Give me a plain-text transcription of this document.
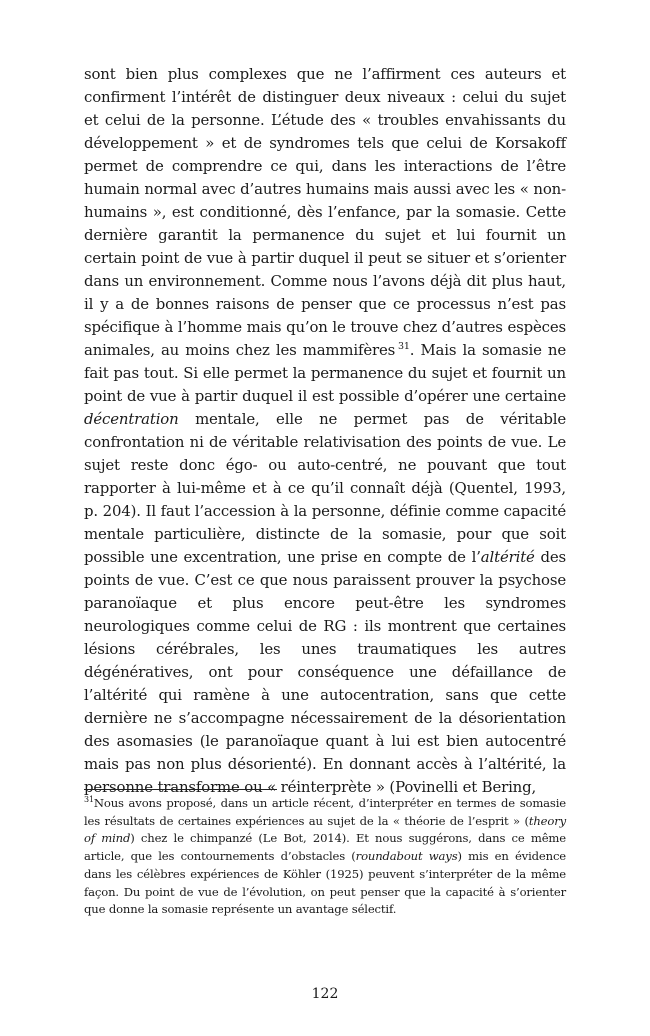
sont bien plus complexes que ne l’affirment ces auteurs et confirment l’intérêt de distinguer deux niveaux : celui du sujet et celui de la personne. L’étude des « troubles envahissants du développement » et de syndromes tels que celui de Korsakoff permet de comprendre ce qui, dans les interactions de l’être humain normal avec d’autres humains mais aussi avec les « non-humains », est conditionné, dès l’enfance, par la somasie. Cette dernière garantit la permanence du sujet et lui fournit un certain point de vue à partir duquel il peut se situer et s’orienter dans un environnement. Comme nous l’avons déjà dit plus haut, il y a de bonnes raisons de penser que ce processus n’est pas spécifique à l’homme mais qu’on le trouve chez d’autres espèces animales, au moins chez les mammifères  $^{31}$. Mais la somasie ne fait pas tout. Si elle permet la permanence du sujet et fournit un point de vue à partir duquel il est possible d’opérer une certaine décentration mentale, elle ne permet pas de véritable confrontation ni de véritable relativisation des points de vue. Le sujet reste donc égo- ou auto-centré, ne pouvant que tout rapporter à lui-même et à ce qu’il connaît déjà (Quentel, 1993, p. 204). Il faut l’accession à la personne, définie comme capacité mentale particulière, distincte de la somasie, pour que soit possible une excentration, une prise en compte de l’altérité des points de vue. C’est ce que nous paraissent prouver la psychose paranoïaque et plus encore peut-être les syndromes neurologiques comme celui de RG : ils montrent que certaines lésions cérébrales, les unes traumatiques les autres dégénératives, ont pour conséquence une défaillance de l’altérité qui ramène à une autocentration, sans que cette dernière ne s’accompagne nécessairement de la désorientation des asomasies (le paranoïaque quant à lui est bien autocentré mais pas non plus désorienté). En donnant accès à l’altérité, la personne transforme ou « réinterprète » (Povinelli et Bering,

$^{31}$Nous avons proposé, dans un article récent, d’interpréter en termes de somasie les résultats de certaines expériences au sujet de la « théorie de l’esprit » (theory of mind) chez le chimpanzé (Le Bot, 2014). Et nous suggérons, dans ce même article, que les contournements d’obstacles (roundabout ways) mis en évidence dans les célèbres expériences de Köhler (1925) peuvent s’interpréter de la même façon. Du point de vue de l’évolution, on peut penser que la capacité à s’orienter que donne la somasie représente un avantage sélectif.

122
